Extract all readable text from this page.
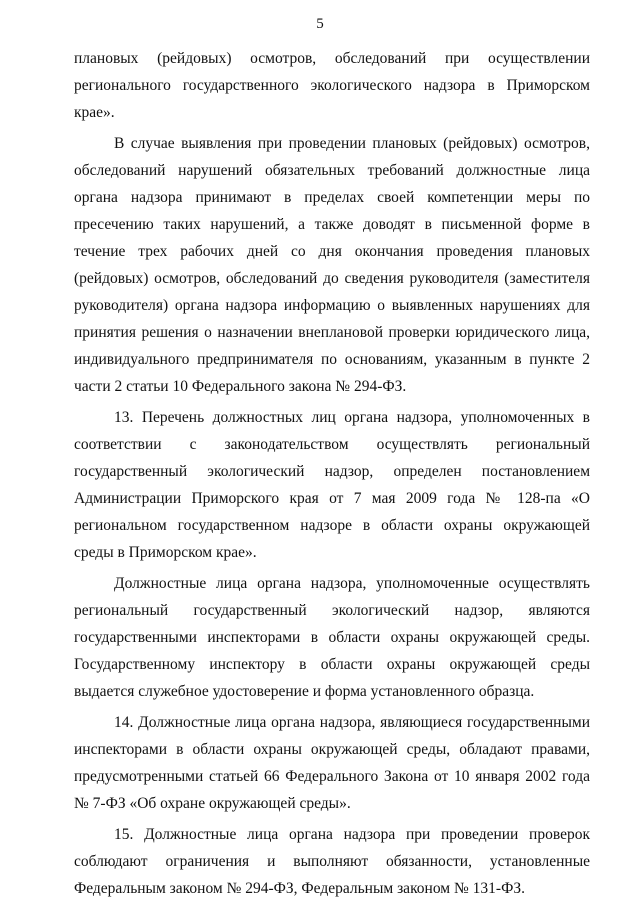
5

плановых (рейдовых) осмотров, обследований при осуществлении регионального государственного экологического надзора в Приморском крае».

В случае выявления при проведении плановых (рейдовых) осмотров, обследований нарушений обязательных требований должностные лица органа надзора принимают в пределах своей компетенции меры по пресечению таких нарушений, а также доводят в письменной форме в течение трех рабочих дней со дня окончания проведения плановых (рейдовых) осмотров, обследований до сведения руководителя (заместителя руководителя) органа надзора информацию о выявленных нарушениях для принятия решения о назначении внеплановой проверки юридического лица, индивидуального предпринимателя по основаниям, указанным в пункте 2 части 2 статьи 10 Федерального закона № 294-ФЗ.

13. Перечень должностных лиц органа надзора, уполномоченных в соответствии с законодательством осуществлять региональный государственный экологический надзор, определен постановлением Администрации Приморского края от 7 мая 2009 года № 128-па «О региональном государственном надзоре в области охраны окружающей среды в Приморском крае».

Должностные лица органа надзора, уполномоченные осуществлять региональный государственный экологический надзор, являются государственными инспекторами в области охраны окружающей среды. Государственному инспектору в области охраны окружающей среды выдается служебное удостоверение и форма установленного образца.

14. Должностные лица органа надзора, являющиеся государственными инспекторами в области охраны окружающей среды, обладают правами, предусмотренными статьей 66 Федерального Закона от 10 января 2002 года № 7-ФЗ «Об охране окружающей среды».

15. Должностные лица органа надзора при проведении проверок соблюдают ограничения и выполняют обязанности, установленные Федеральным законом № 294-ФЗ, Федеральным законом № 131-ФЗ.
